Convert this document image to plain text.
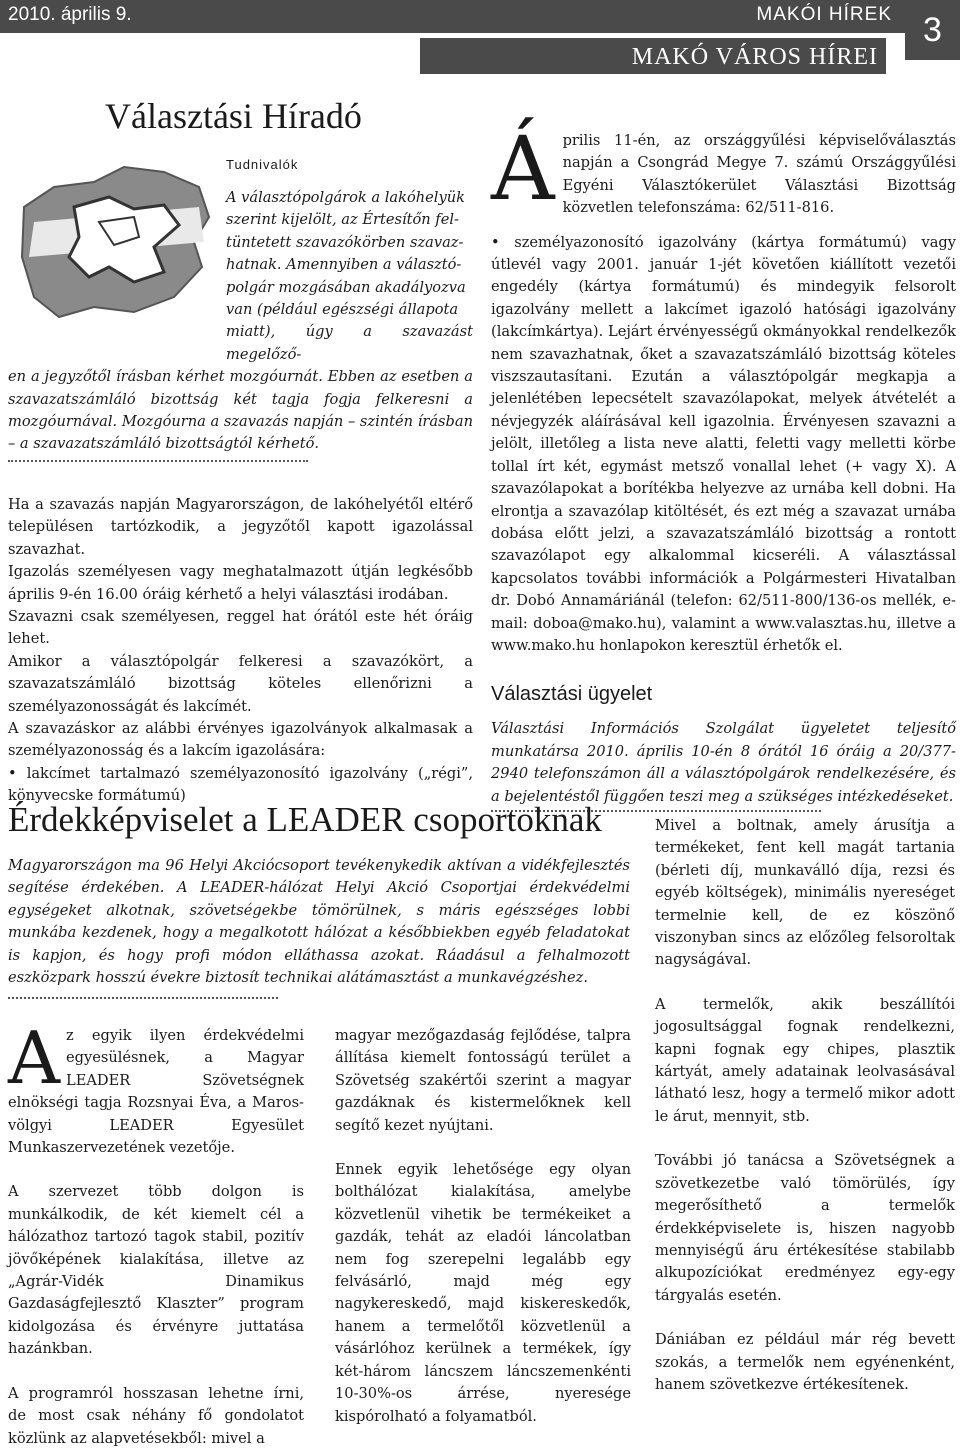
2010. április 9.	MAKÓI HÍREK 3
MAKÓ VÁROS HÍREI
Választási Híradó
Tudnivalók

A választópolgárok a lakóhelyük

szerint kijelölt, az Értesítőn fel-

tüntetett szavazókörben szavaz-

hatnak. Amennyiben a választó-

polgár mozgásában akadályozva

van (például egészségi állapota

miatt), úgy a szavazást megelőző-

en a jegyzőtől írásban kérhet mozgóurnát. Ebben az esetben a szavazatszámláló bizottság két tagja fogja felkeresni a mozgóurnával. Mozgóurna a szavazás napján – szintén írásban – a szavazatszámláló bizottságtól kérhető.

Ha a szavazás napján Magyarországon, de lakóhelyétől eltérő településen tartózkodik, a jegyzőtől kapott igazolással szavazhat.

Igazolás személyesen vagy meghatalmazott útján legkésőbb április 9-én 16.00 óráig kérhető a helyi választási irodában.

Szavazni csak személyesen, reggel hat órától este hét óráig lehet.

Amikor a választópolgár felkeresi a szavazókört, a szavazatszámláló bizottság köteles ellenőrizni a személyazonosságát és lakcímét.

A szavazáskor az alábbi érvényes igazolványok alkalmasak a személyazonosság és a lakcím igazolására:

• lakcímet tartalmazó személyazonosító igazolvány („régi”, könyvecske formátumú)

Á prilis 11-én, az országgyűlési képviselőválasztás napján a Csongrád Megye 7. számú Országgyűlési Egyéni Választókerület Választási Bizottság közvetlen telefonszáma: 62/511-816.

• személyazonosító igazolvány (kártya formátumú) vagy útlevél vagy 2001. január 1-jét követően kiállított vezetői engedély (kártya formátumú) és mindegyik felsorolt igazolvány mellett a lakcímet igazoló hatósági igazolvány (lakcímkártya). Lejárt érvényességű okmányokkal rendelkezők nem szavazhatnak, őket a szavazatszámláló bizottság köteles viszszautasítani. Ezután a választópolgár megkapja a jelenlétében lepecsételt szavazólapokat, melyek átvételét a névjegyzék aláírásával kell igazolnia. Érvényesen szavazni a jelölt, illetőleg a lista neve alatti, feletti vagy melletti körbe tollal írt két, egymást metsző vonallal lehet (+ vagy X). A szavazólapokat a borítékba helyezve az urnába kell dobni. Ha elrontja a szavazólap kitöltését, és ezt még a szavazat urnába dobása előtt jelzi, a szavazatszámláló bizottság a rontott szavazólapot egy alkalommal kicseréli. A választással kapcsolatos további információk a Polgármesteri Hivatalban dr. Dobó Annamáriánál (telefon: 62/511-800/136-os mellék, e-mail: doboa@mako.hu), valamint a www.valasztas.hu, illetve a www.mako.hu honlapokon keresztül érhetők el.

Választási ügyelet

Választási Információs Szolgálat ügyeletet teljesítő munkatársa 2010. április 10-én 8 órától 16 óráig a 20/377-2940 telefonszámon áll a választópolgárok rendelkezésére, és a bejelentéstől függően teszi meg a szükséges intézkedéseket.

Érdekképviselet a LEADER csoportoknak

Magyarországon ma 96 Helyi Akciócsoport tevékenykedik aktívan a vidékfejlesztés segítése érdekében. A LEADER-hálózat Helyi Akció Csoportjai érdekvédelmi egységeket alkotnak, szövetségekbe tömörülnek, s máris egészséges lobbi munkába kezdenek, hogy a megalkotott hálózat a későbbiekben egyéb feladatokat is kapjon, és hogy profi módon elláthassa azokat. Ráadásul a felhalmozott eszközpark hosszú évekre biztosít technikai alátámasztást a munkavégzéshez.

A z egyik ilyen érdekvédelmi egyesülésnek, a Magyar LEADER Szövetségnek elnökségi tagja Rozsnyai Éva, a Maros-völgyi LEADER Egyesület Munkaszervezetének vezetője.

A szervezet több dolgon is munkálkodik, de két kiemelt cél a hálózathoz tartozó tagok stabil, pozitív jövőképének kialakítása, illetve az „Agrár-Vidék Dinamikus Gazdaságfejlesztő Klaszter” program kidolgozása és érvényre juttatása hazánkban.

A programról hosszasan lehetne írni, de most csak néhány fő gondolatot közlünk az alapvetésekből: mivel a

magyar mezőgazdaság fejlődése, talpra állítása kiemelt fontosságú terület a Szövetség szakértői szerint a magyar gazdáknak és kistermelőknek kell segítő kezet nyújtani.

Ennek egyik lehetősége egy olyan bolthálózat kialakítása, amelybe közvetlenül vihetik be termékeiket a gazdák, tehát az eladói láncolatban nem fog szerepelni legalább egy felvásárló, majd még egy nagykereskedő, majd kiskereskedők, hanem a termelőtől közvetlenül a vásárlóhoz kerülnek a termékek, így két-három láncszem láncszemenkénti 10-30%-os árrése, nyeresége kispórolható a folyamatból.

Mivel a boltnak, amely árusítja a termékeket, fent kell magát tartania (bérleti díj, munkaválló díja, rezsi és egyéb költségek), minimális nyereséget termelnie kell, de ez köszönő viszonyban sincs az előzőleg felsoroltak nagyságával.

A termelők, akik beszállítói jogosultsággal fognak rendelkezni, kapni fognak egy chipes, plasztik kártyát, amely adatainak leolvasásával látható lesz, hogy a termelő mikor adott le árut, mennyit, stb.

További jó tanácsa a Szövetségnek a szövetkezetbe való tömörülés, így megerősíthető a termelők érdekképviselete is, hiszen nagyobb mennyiségű áru értékesítése stabilabb alkupozíciókat eredményez egy-egy tárgyalás esetén.

Dániában ez például már rég bevett szokás, a termelők nem egyénenként, hanem szövetkezve értékesítenek.
